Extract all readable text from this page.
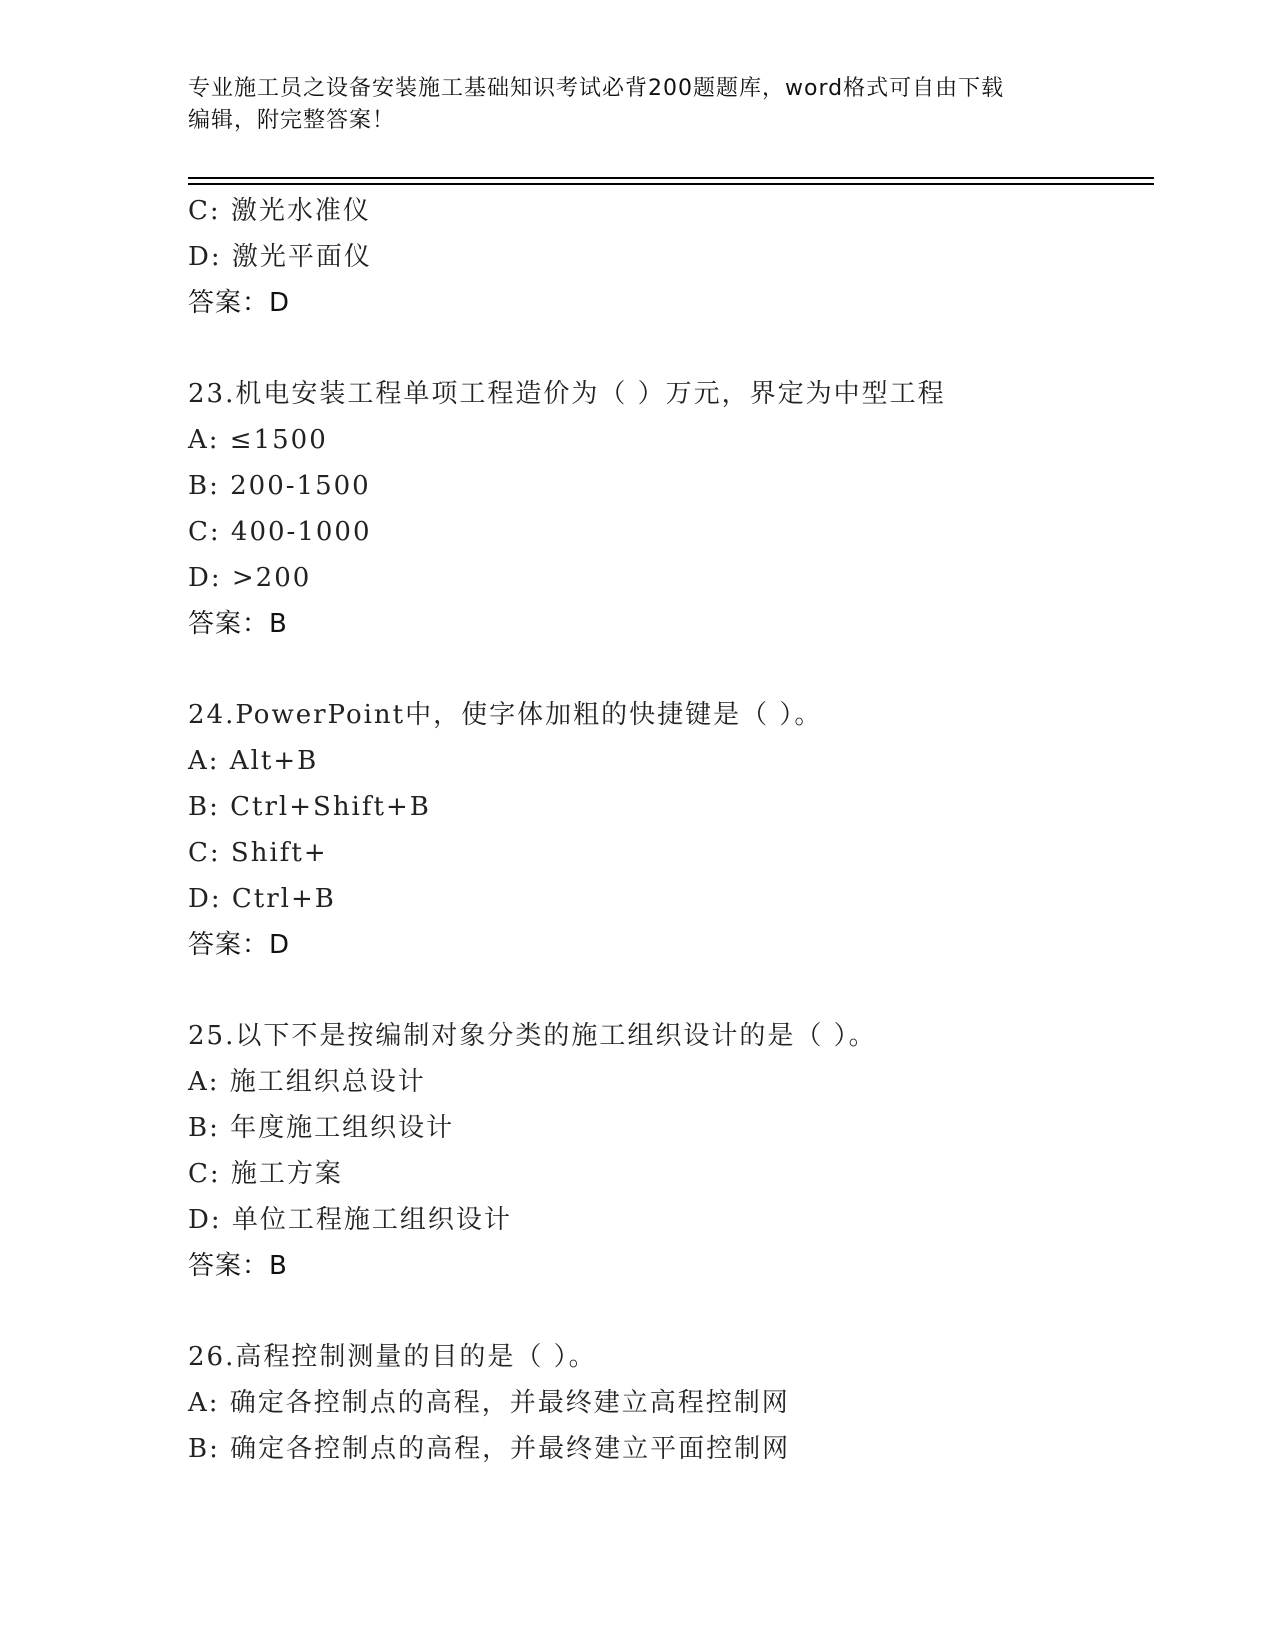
专业施工员之设备安装施工基础知识考试必背200题题库，word格式可自由下载
编辑，附完整答案！
C: 激光水准仪
D: 激光平面仪
答案：D
23.机电安装工程单项工程造价为（ ）万元，界定为中型工程
A: ≤1500
B: 200-1500
C: 400-1000
D: >200
答案：B
24.PowerPoint中，使字体加粗的快捷键是（ ）。
A: Alt+B
B: Ctrl+Shift+B
C: Shift+
D: Ctrl+B
答案：D
25.以下不是按编制对象分类的施工组织设计的是（ ）。
A: 施工组织总设计
B: 年度施工组织设计
C: 施工方案
D: 单位工程施工组织设计
答案：B
26.高程控制测量的目的是（ ）。
A: 确定各控制点的高程，并最终建立高程控制网
B: 确定各控制点的高程，并最终建立平面控制网
